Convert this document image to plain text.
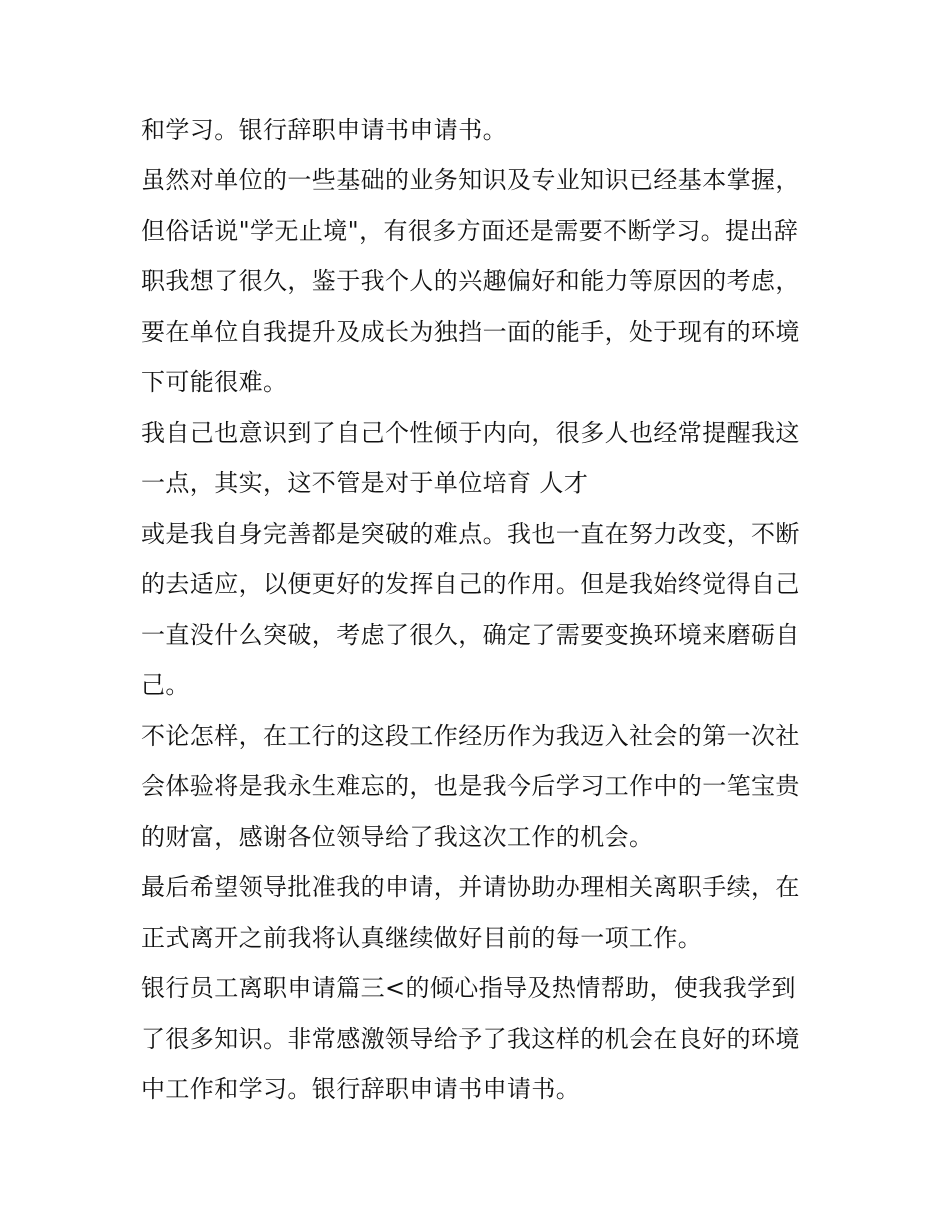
和学习。银行辞职申请书申请书。
虽然对单位的一些基础的业务知识及专业知识已经基本掌握，
但俗话说"学无止境"，有很多方面还是需要不断学习。提出辞
职我想了很久，鉴于我个人的兴趣偏好和能力等原因的考虑，
要在单位自我提升及成长为独挡一面的能手，处于现有的环境
下可能很难。
我自己也意识到了自己个性倾于内向，很多人也经常提醒我这
一点，其实，这不管是对于单位培育 人才
或是我自身完善都是突破的难点。我也一直在努力改变，不断
的去适应，以便更好的发挥自己的作用。但是我始终觉得自己
一直没什么突破，考虑了很久，确定了需要变换环境来磨砺自
己。
不论怎样，在工行的这段工作经历作为我迈入社会的第一次社
会体验将是我永生难忘的，也是我今后学习工作中的一笔宝贵
的财富，感谢各位领导给了我这次工作的机会。
最后希望领导批准我的申请，并请协助办理相关离职手续，在
正式离开之前我将认真继续做好目前的每一项工作。
银行员工离职申请篇三<的倾心指导及热情帮助，使我我学到
了很多知识。非常感激领导给予了我这样的机会在良好的环境
中工作和学习。银行辞职申请书申请书。
